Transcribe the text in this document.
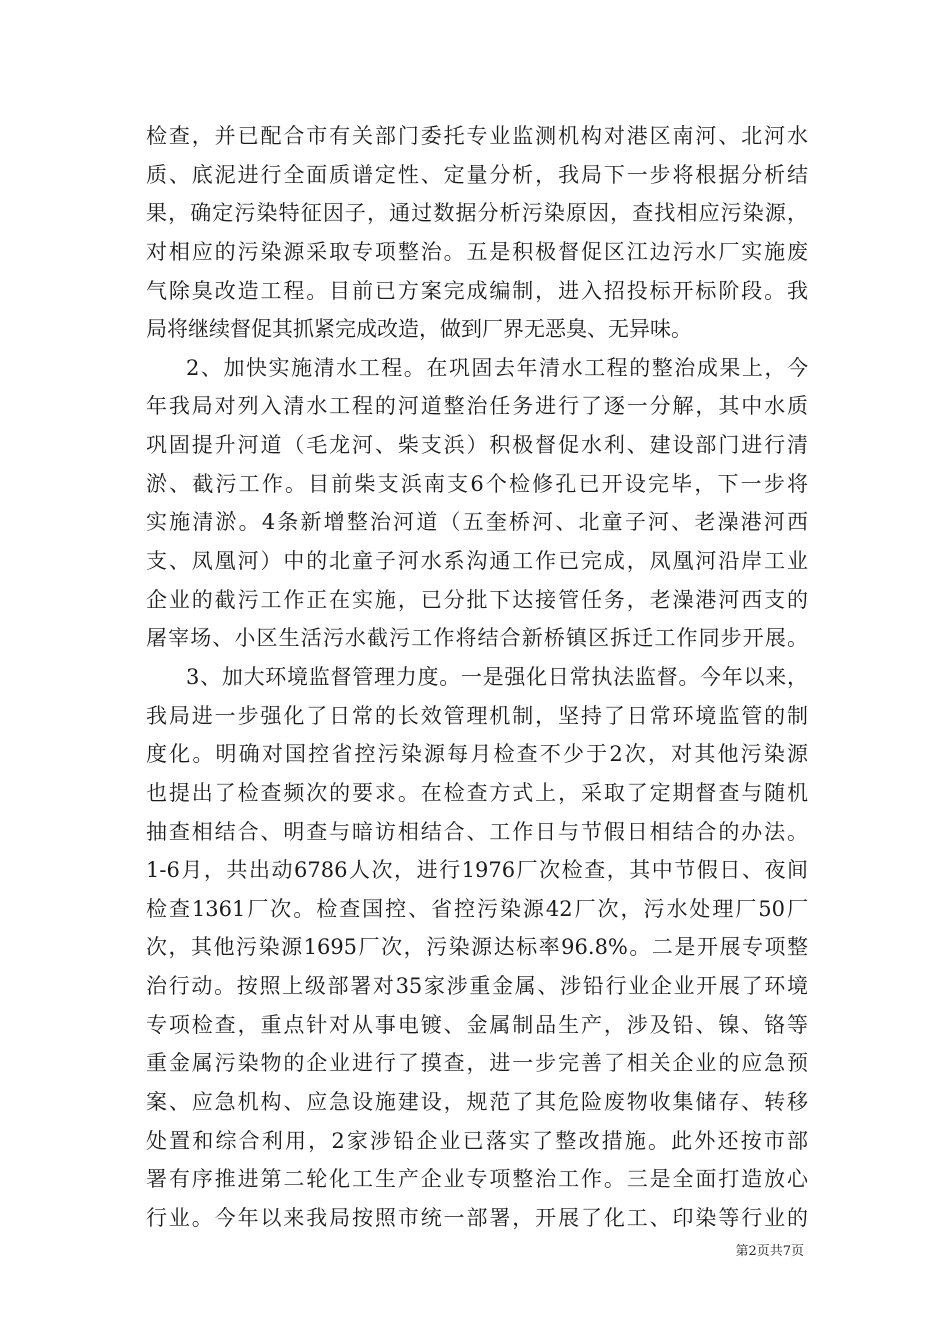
检查，并已配合市有关部门委托专业监测机构对港区南河、北河水
质、底泥进行全面质谱定性、定量分析，我局下一步将根据分析结
果，确定污染特征因子，通过数据分析污染原因，查找相应污染源，
对相应的污染源采取专项整治。五是积极督促区江边污水厂实施废
气除臭改造工程。目前已方案完成编制，进入招投标开标阶段。我
局将继续督促其抓紧完成改造，做到厂界无恶臭、无异味。
2、加快实施清水工程。在巩固去年清水工程的整治成果上，今
年我局对列入清水工程的河道整治任务进行了逐一分解，其中水质
巩固提升河道（毛龙河、柴支浜）积极督促水利、建设部门进行清
淤、截污工作。目前柴支浜南支6个检修孔已开设完毕，下一步将
实施清淤。4条新增整治河道（五奎桥河、北童子河、老澡港河西
支、凤凰河）中的北童子河水系沟通工作已完成，凤凰河沿岸工业
企业的截污工作正在实施，已分批下达接管任务，老澡港河西支的
屠宰场、小区生活污水截污工作将结合新桥镇区拆迁工作同步开展。
3、加大环境监督管理力度。一是强化日常执法监督。今年以来，
我局进一步强化了日常的长效管理机制，坚持了日常环境监管的制
度化。明确对国控省控污染源每月检查不少于2次，对其他污染源
也提出了检查频次的要求。在检查方式上，采取了定期督查与随机
抽查相结合、明查与暗访相结合、工作日与节假日相结合的办法。
1-6月，共出动6786人次，进行1976厂次检查，其中节假日、夜间
检查1361厂次。检查国控、省控污染源42厂次，污水处理厂50厂
次，其他污染源1695厂次，污染源达标率96.8%。二是开展专项整
治行动。按照上级部署对35家涉重金属、涉铅行业企业开展了环境
专项检查，重点针对从事电镀、金属制品生产，涉及铅、镍、铬等
重金属污染物的企业进行了摸查，进一步完善了相关企业的应急预
案、应急机构、应急设施建设，规范了其危险废物收集储存、转移
处置和综合利用，2家涉铅企业已落实了整改措施。此外还按市部
署有序推进第二轮化工生产企业专项整治工作。三是全面打造放心
行业。今年以来我局按照市统一部署，开展了化工、印染等行业的
第2页共7页
